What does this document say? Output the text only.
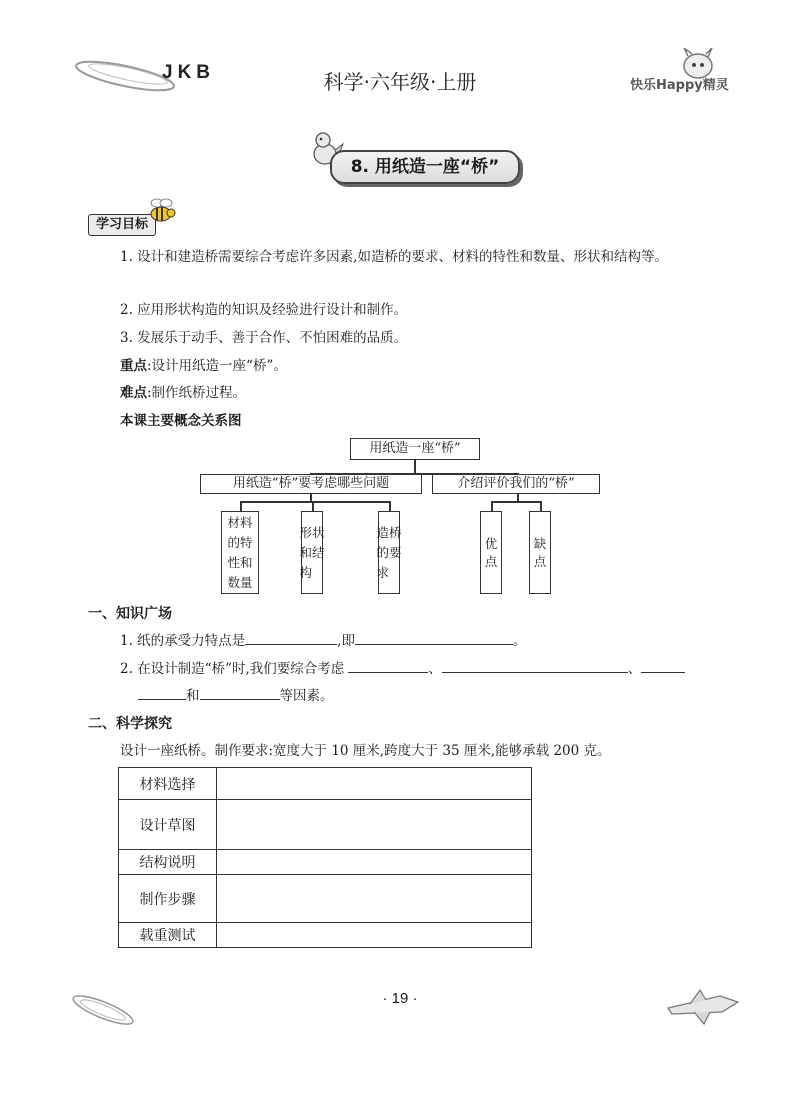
JKB	科学·六年级·上册	快乐Happy精灵
8. 用纸造一座“桥”
学习目标
1. 设计和建造桥需要综合考虑许多因素,如造桥的要求、材料的特性和数量、形状和结构等。
2. 应用形状构造的知识及经验进行设计和制作。
3. 发展乐于动手、善于合作、不怕困难的品质。
重点:设计用纸造一座“桥”。
难点:制作纸桥过程。
本课主要概念关系图
用纸造一座“桥”
用纸造“桥”要考虑哪些问题	介绍评价我们的“桥”
材 料
的 特
性 和
数 量
形 状
和 结
构
造 桥
的 要
求
优
点
缺
点
一、知识广场
1. 纸的承受力特点是	,即	。
2. 在设计制造“桥”时,我们要综合考虑	、	、
和	等因素。
二、科学探究
设计一座纸桥。制作要求:宽度大于 10 厘米,跨度大于 35 厘米,能够承载 200 克。
材料选择	
设计草图	
结构说明	
制作步骤	
载重测试	
· 19 ·
